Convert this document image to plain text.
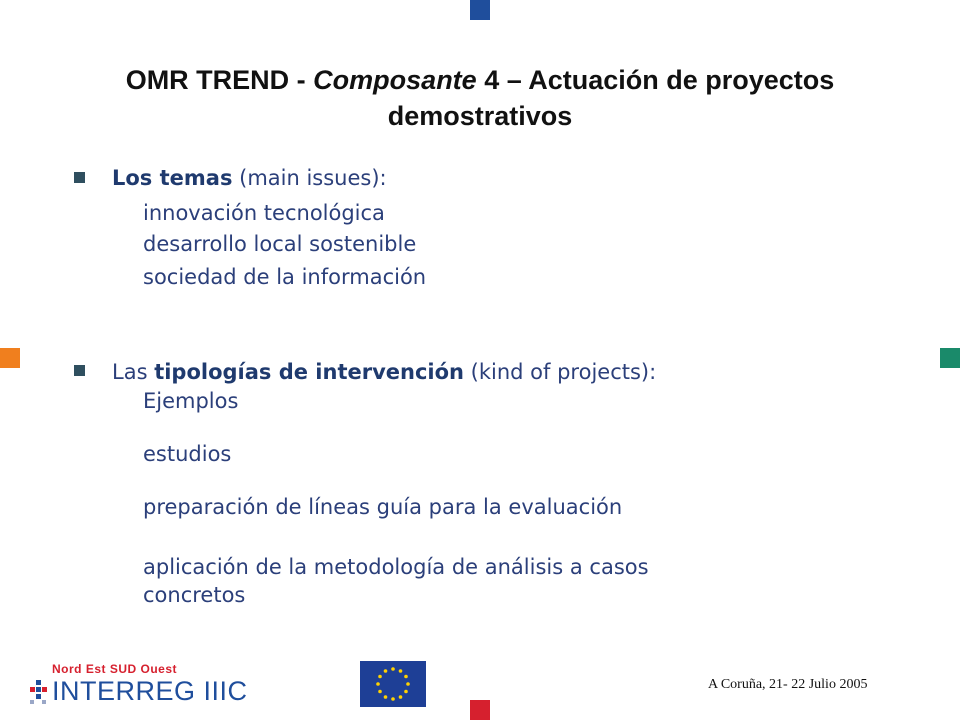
OMR TREND - Composante 4 – Actuación de proyectos
demostrativos
Los temas (main issues):
innovación tecnológica
desarrollo local sostenible
sociedad de la información
Las tipologías de intervención (kind of projects):
Ejemplos
estudios
preparación de líneas guía para la evaluación
aplicación de la metodología de análisis a casos
concretos
Nord Est SUD Ouest
INTERREG IIIC	A Coruña, 21- 22 Julio 2005
